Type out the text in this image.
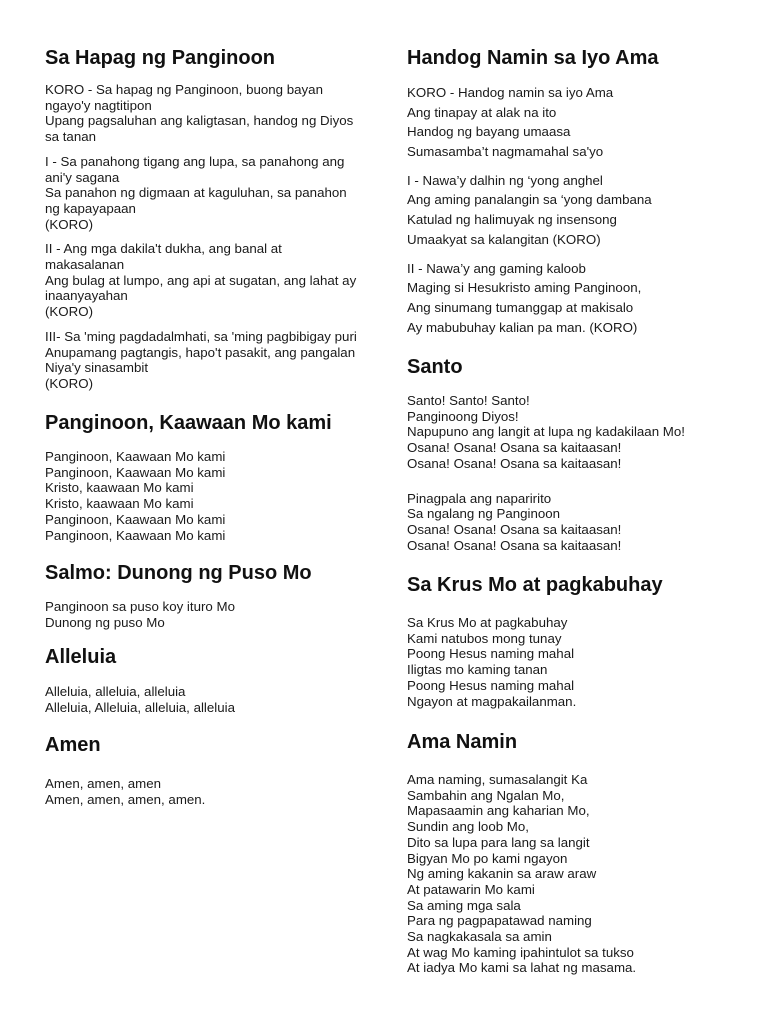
Sa Hapag ng Panginoon

KORO - Sa hapag ng Panginoon, buong bayan
ngayo'y nagtitipon
Upang pagsaluhan ang kaligtasan, handog ng Diyos
sa tanan

I - Sa panahong tigang ang lupa, sa panahong ang
ani'y sagana
Sa panahon ng digmaan at kaguluhan, sa panahon
ng kapayapaan
(KORO)

II - Ang mga dakila't dukha, ang banal at
makasalanan
Ang bulag at lumpo, ang api at sugatan, ang lahat ay
inaanyayahan
(KORO)

III- Sa 'ming pagdadalmhati, sa 'ming pagbibigay puri
Anupamang pagtangis, hapo't pasakit, ang pangalan
Niya'y sinasambit
(KORO)

Panginoon, Kaawaan Mo kami

Panginoon, Kaawaan Mo kami
Panginoon, Kaawaan Mo kami
Kristo, kaawaan Mo kami
Kristo, kaawaan Mo kami
Panginoon, Kaawaan Mo kami
Panginoon, Kaawaan Mo kami

Salmo: Dunong ng Puso Mo

Panginoon sa puso koy ituro Mo
Dunong ng puso Mo

Alleluia

Alleluia, alleluia, alleluia
Alleluia, Alleluia, alleluia, alleluia

Amen

Amen, amen, amen
Amen, amen, amen, amen.

Handog Namin sa Iyo Ama

KORO - Handog namin sa iyo Ama
Ang tinapay at alak na ito
Handog ng bayang umaasa
Sumasamba’t nagmamahal sa'yo

I - Nawa’y dalhin ng ‘yong anghel
Ang aming panalangin sa ‘yong dambana
Katulad ng halimuyak ng insensong
Umaakyat sa kalangitan (KORO)

II - Nawa’y ang gaming kaloob
Maging si Hesukristo aming Panginoon,
Ang sinumang tumanggap at makisalo
Ay mabubuhay kalian pa man. (KORO)

Santo

Santo! Santo! Santo!
Panginoong Diyos!
Napupuno ang langit at lupa ng kadakilaan Mo!
Osana! Osana! Osana sa kaitaasan!
Osana! Osana! Osana sa kaitaasan!

Pinagpala ang naparirito
Sa ngalang ng Panginoon
Osana! Osana! Osana sa kaitaasan!
Osana! Osana! Osana sa kaitaasan!

Sa Krus Mo at pagkabuhay

Sa Krus Mo at pagkabuhay
Kami natubos mong tunay
Poong Hesus naming mahal
Iligtas mo kaming tanan
Poong Hesus naming mahal
Ngayon at magpakailanman.

Ama Namin

Ama naming, sumasalangit Ka
Sambahin ang Ngalan Mo,
Mapasaamin ang kaharian Mo,
Sundin ang loob Mo,
Dito sa lupa para lang sa langit
Bigyan Mo po kami ngayon
Ng aming kakanin sa araw araw
At patawarin Mo kami
Sa aming mga sala
Para ng pagpapatawad naming
Sa nagkakasala sa amin
At wag Mo kaming ipahintulot sa tukso
At iadya Mo kami sa lahat ng masama.
